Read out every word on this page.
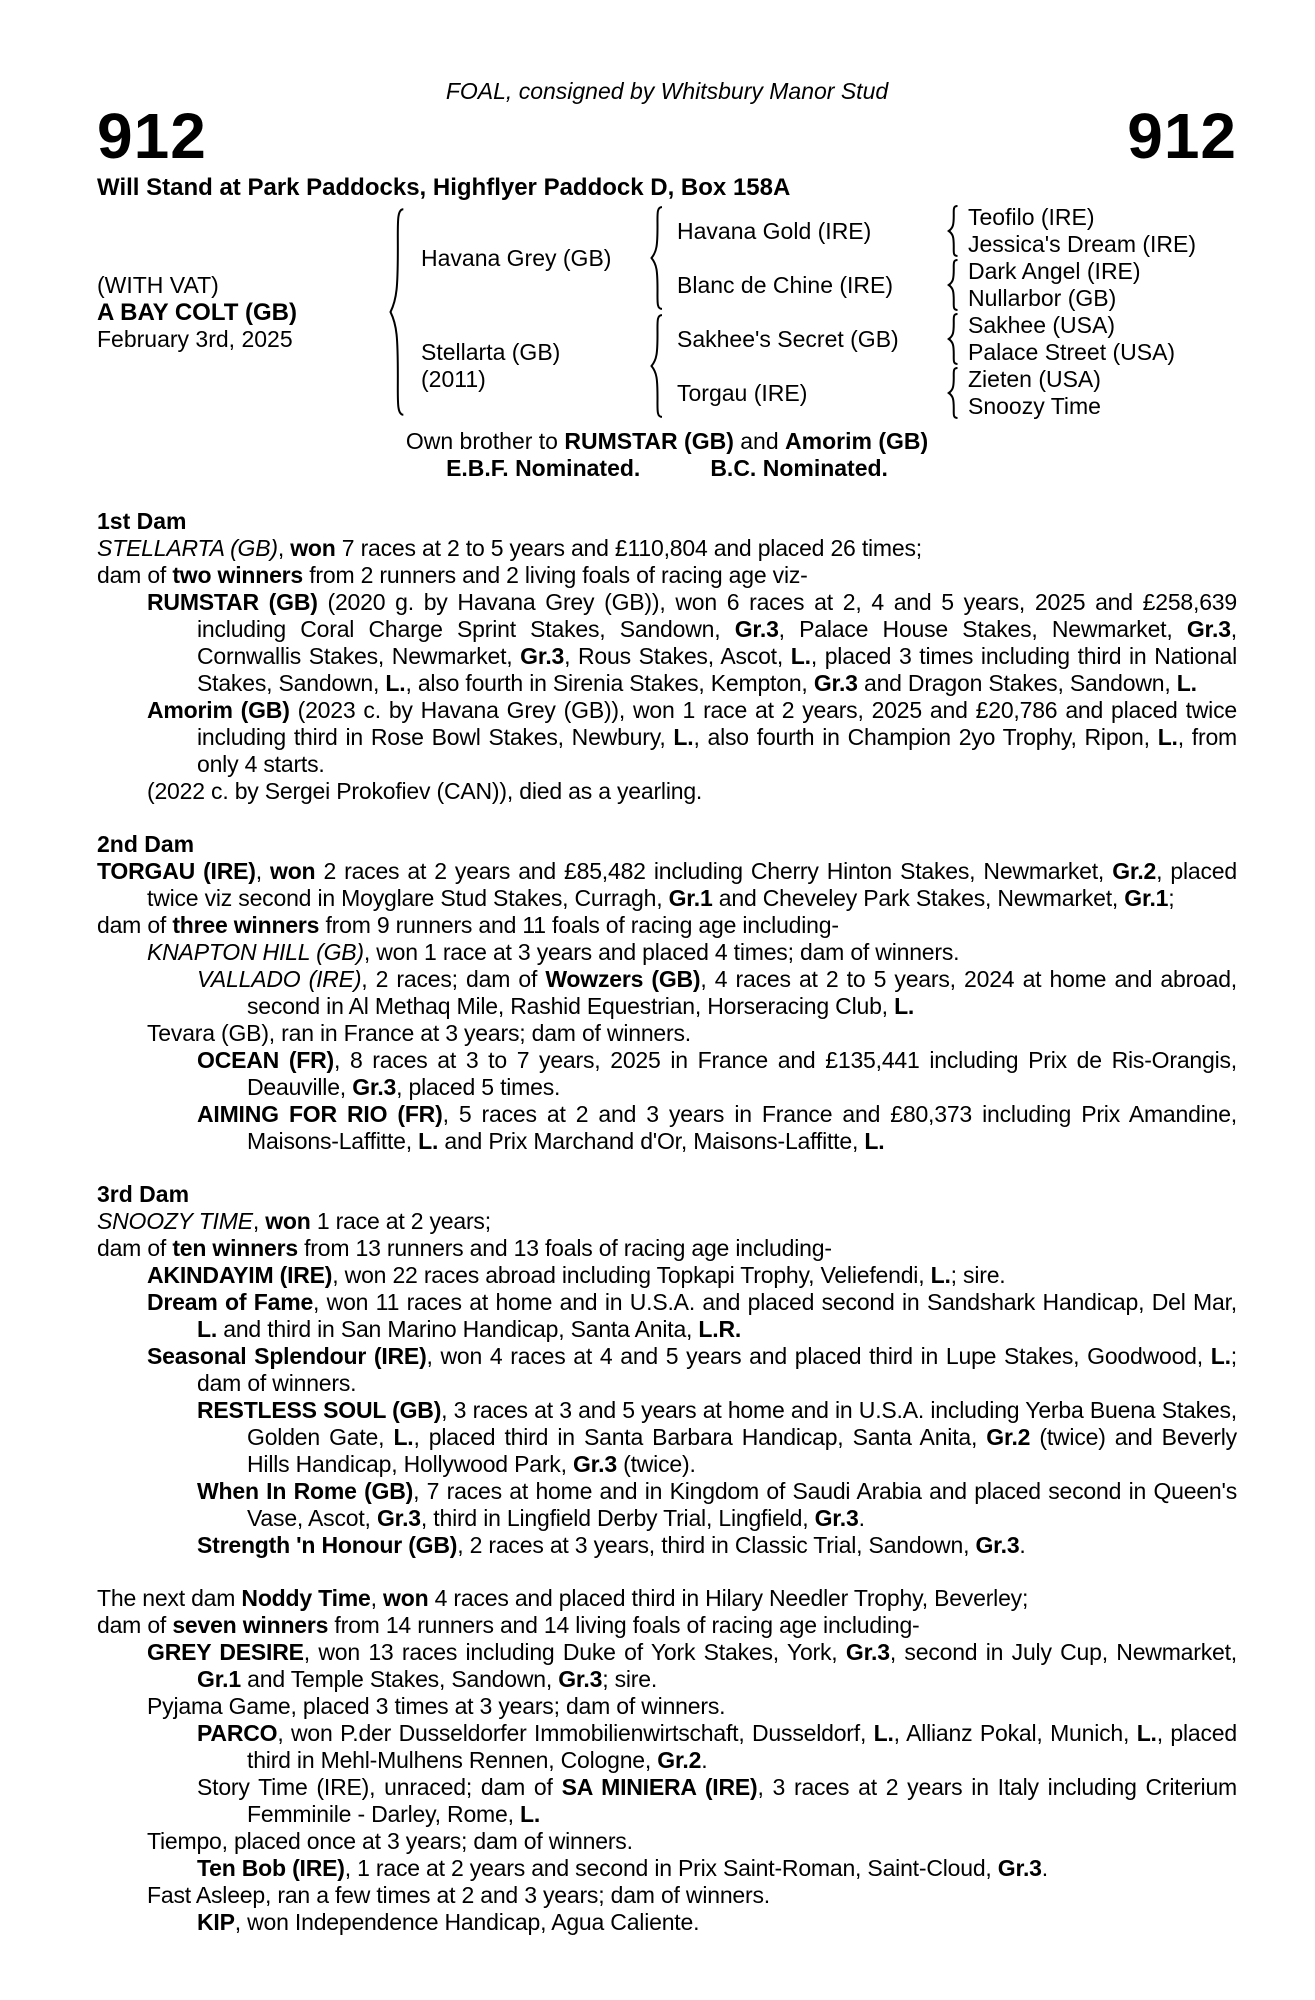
FOAL, consigned by Whitsbury Manor Stud
912	912
Will Stand at Park Paddocks, Highflyer Paddock D, Box 158A
(WITH VAT)
A BAY COLT (GB)
February 3rd, 2025
Havana Grey (GB)
Havana Gold (IRE)
Teofilo (IRE)
Jessica's Dream (IRE)
Blanc de Chine (IRE)
Dark Angel (IRE)
Nullarbor (GB)
Stellarta (GB)
(2011)
Sakhee's Secret (GB)
Sakhee (USA)
Palace Street (USA)
Torgau (IRE)
Zieten (USA)
Snoozy Time
Own brother to RUMSTAR (GB) and Amorim (GB)
E.B.F. Nominated.	B.C. Nominated.
1st Dam

STELLARTA (GB), won 7 races at 2 to 5 years and £110,804 and placed 26 times;

dam of two winners from 2 runners and 2 living foals of racing age viz-

RUMSTAR (GB) (2020 g. by Havana Grey (GB)), won 6 races at 2, 4 and 5 years, 2025 and £258,639 including Coral Charge Sprint Stakes, Sandown, Gr.3, Palace House Stakes, Newmarket, Gr.3, Cornwallis Stakes, Newmarket, Gr.3, Rous Stakes, Ascot, L., placed 3 times including third in National Stakes, Sandown, L., also fourth in Sirenia Stakes, Kempton, Gr.3 and Dragon Stakes, Sandown, L.

Amorim (GB) (2023 c. by Havana Grey (GB)), won 1 race at 2 years, 2025 and £20,786 and placed twice including third in Rose Bowl Stakes, Newbury, L., also fourth in Champion 2yo Trophy, Ripon, L., from only 4 starts.

(2022 c. by Sergei Prokofiev (CAN)), died as a yearling.

2nd Dam

TORGAU (IRE), won 2 races at 2 years and £85,482 including Cherry Hinton Stakes, Newmarket, Gr.2, placed twice viz second in Moyglare Stud Stakes, Curragh, Gr.1 and Cheveley Park Stakes, Newmarket, Gr.1;

dam of three winners from 9 runners and 11 foals of racing age including-

KNAPTON HILL (GB), won 1 race at 3 years and placed 4 times; dam of winners.

VALLADO (IRE), 2 races; dam of Wowzers (GB), 4 races at 2 to 5 years, 2024 at home and abroad, second in Al Methaq Mile, Rashid Equestrian, Horseracing Club, L.

Tevara (GB), ran in France at 3 years; dam of winners.

OCEAN (FR), 8 races at 3 to 7 years, 2025 in France and £135,441 including Prix de Ris-Orangis, Deauville, Gr.3, placed 5 times.

AIMING FOR RIO (FR), 5 races at 2 and 3 years in France and £80,373 including Prix Amandine, Maisons-Laffitte, L. and Prix Marchand d'Or, Maisons-Laffitte, L.

3rd Dam

SNOOZY TIME, won 1 race at 2 years;

dam of ten winners from 13 runners and 13 foals of racing age including-

AKINDAYIM (IRE), won 22 races abroad including Topkapi Trophy, Veliefendi, L.; sire.

Dream of Fame, won 11 races at home and in U.S.A. and placed second in Sandshark Handicap, Del Mar, L. and third in San Marino Handicap, Santa Anita, L.R.

Seasonal Splendour (IRE), won 4 races at 4 and 5 years and placed third in Lupe Stakes, Goodwood, L.; dam of winners.

RESTLESS SOUL (GB), 3 races at 3 and 5 years at home and in U.S.A. including Yerba Buena Stakes, Golden Gate, L., placed third in Santa Barbara Handicap, Santa Anita, Gr.2 (twice) and Beverly Hills Handicap, Hollywood Park, Gr.3 (twice).

When In Rome (GB), 7 races at home and in Kingdom of Saudi Arabia and placed second in Queen's Vase, Ascot, Gr.3, third in Lingfield Derby Trial, Lingfield, Gr.3.

Strength 'n Honour (GB), 2 races at 3 years, third in Classic Trial, Sandown, Gr.3.

The next dam Noddy Time, won 4 races and placed third in Hilary Needler Trophy, Beverley;

dam of seven winners from 14 runners and 14 living foals of racing age including-

GREY DESIRE, won 13 races including Duke of York Stakes, York, Gr.3, second in July Cup, Newmarket, Gr.1 and Temple Stakes, Sandown, Gr.3; sire.

Pyjama Game, placed 3 times at 3 years; dam of winners.

PARCO, won P.der Dusseldorfer Immobilienwirtschaft, Dusseldorf, L., Allianz Pokal, Munich, L., placed third in Mehl-Mulhens Rennen, Cologne, Gr.2.

Story Time (IRE), unraced; dam of SA MINIERA (IRE), 3 races at 2 years in Italy including Criterium Femminile - Darley, Rome, L.

Tiempo, placed once at 3 years; dam of winners.

Ten Bob (IRE), 1 race at 2 years and second in Prix Saint-Roman, Saint-Cloud, Gr.3.

Fast Asleep, ran a few times at 2 and 3 years; dam of winners.

KIP, won Independence Handicap, Agua Caliente.
